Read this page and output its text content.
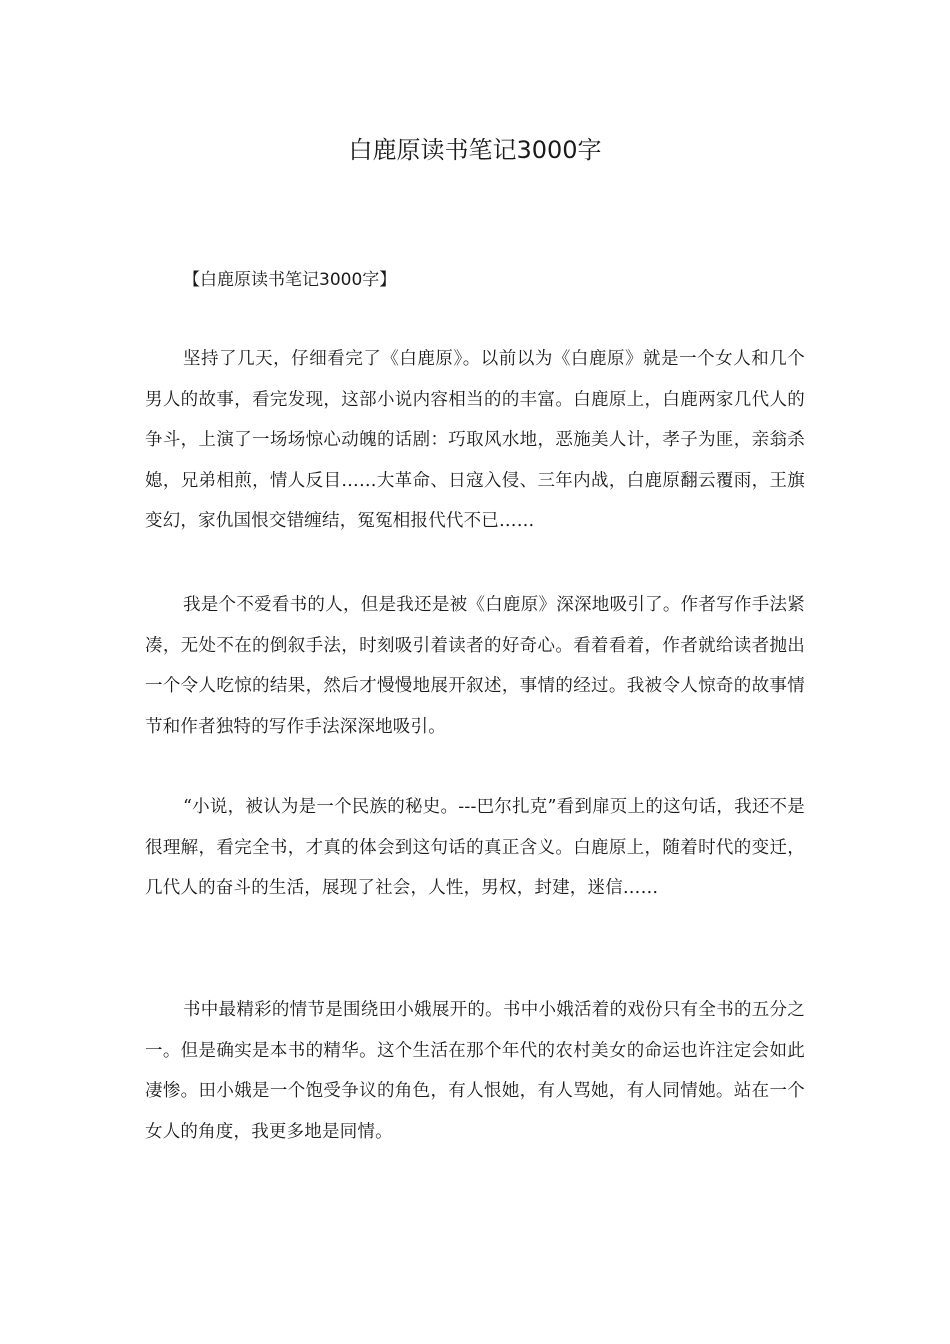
白鹿原读书笔记3000字

【白鹿原读书笔记3000字】

坚持了几天，仔细看完了《白鹿原》。以前以为《白鹿原》就是一个女人和几个男人的故事，看完发现，这部小说内容相当的的丰富。白鹿原上，白鹿两家几代人的争斗，上演了一场场惊心动魄的话剧：巧取风水地，恶施美人计，孝子为匪，亲翁杀媳，兄弟相煎，情人反目……大革命、日寇入侵、三年内战，白鹿原翻云覆雨，王旗变幻，家仇国恨交错缠结，冤冤相报代代不已……

我是个不爱看书的人，但是我还是被《白鹿原》深深地吸引了。作者写作手法紧凑，无处不在的倒叙手法，时刻吸引着读者的好奇心。看着看着，作者就给读者抛出一个令人吃惊的结果，然后才慢慢地展开叙述，事情的经过。我被令人惊奇的故事情节和作者独特的写作手法深深地吸引。

“小说，被认为是一个民族的秘史。---巴尔扎克”看到扉页上的这句话，我还不是很理解，看完全书，才真的体会到这句话的真正含义。白鹿原上，随着时代的变迁，几代人的奋斗的生活，展现了社会，人性，男权，封建，迷信……

书中最精彩的情节是围绕田小娥展开的。书中小娥活着的戏份只有全书的五分之一。但是确实是本书的精华。这个生活在那个年代的农村美女的命运也许注定会如此凄惨。田小娥是一个饱受争议的角色，有人恨她，有人骂她，有人同情她。站在一个女人的角度，我更多地是同情。
